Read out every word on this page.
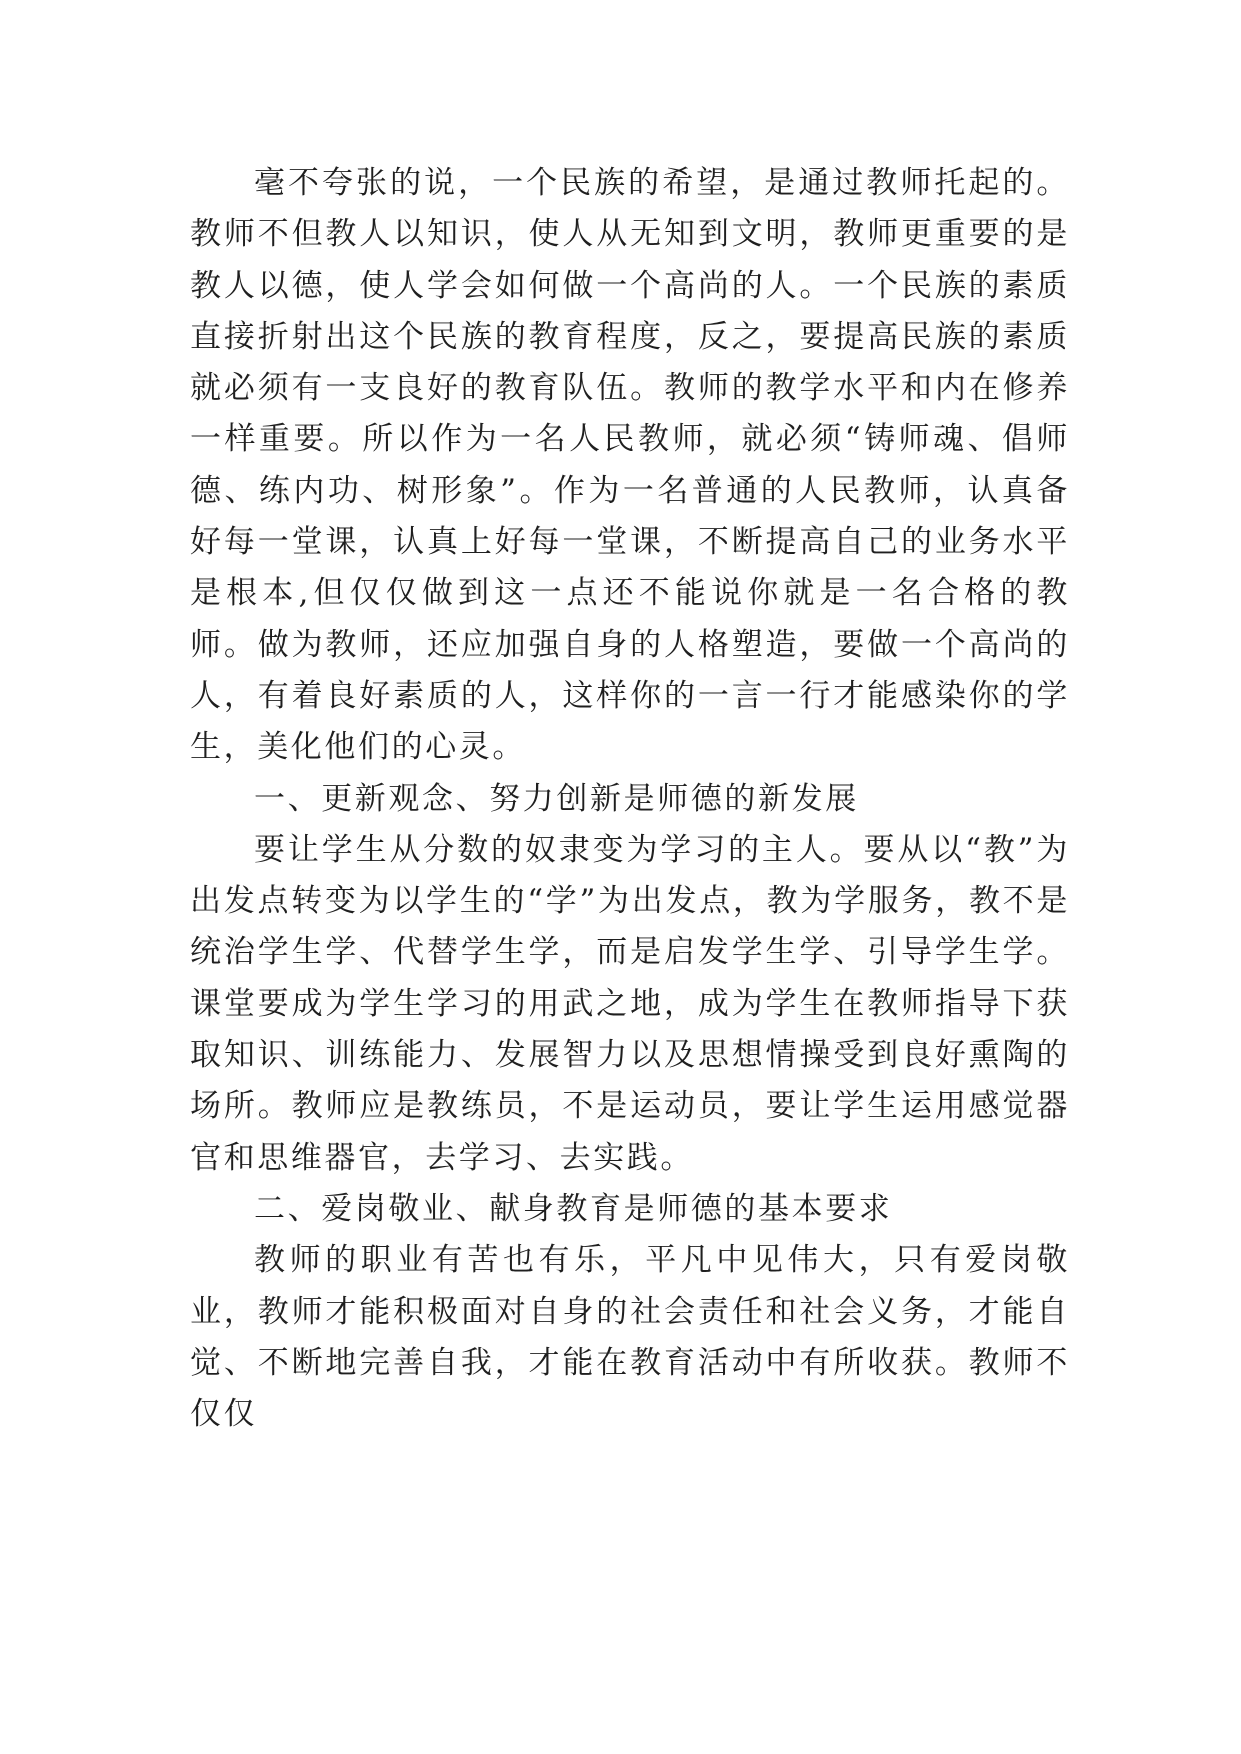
毫不夸张的说，一个民族的希望，是通过教师托起的。教师不但教人以知识，使人从无知到文明，教师更重要的是教人以德，使人学会如何做一个高尚的人。一个民族的素质直接折射出这个民族的教育程度，反之，要提高民族的素质就必须有一支良好的教育队伍。教师的教学水平和内在修养一样重要。所以作为一名人民教师，就必须“铸师魂、倡师德、练内功、树形象”。作为一名普通的人民教师，认真备好每一堂课，认真上好每一堂课，不断提高自己的业务水平是根本,但仅仅做到这一点还不能说你就是一名合格的教师。做为教师，还应加强自身的人格塑造，要做一个高尚的人，有着良好素质的人，这样你的一言一行才能感染你的学生，美化他们的心灵。

一、更新观念、努力创新是师德的新发展

要让学生从分数的奴隶变为学习的主人。要从以“教”为出发点转变为以学生的“学”为出发点，教为学服务，教不是统治学生学、代替学生学，而是启发学生学、引导学生学。课堂要成为学生学习的用武之地，成为学生在教师指导下获取知识、训练能力、发展智力以及思想情操受到良好熏陶的场所。教师应是教练员，不是运动员，要让学生运用感觉器官和思维器官，去学习、去实践。

二、爱岗敬业、献身教育是师德的基本要求

教师的职业有苦也有乐，平凡中见伟大，只有爱岗敬业，教师才能积极面对自身的社会责任和社会义务，才能自觉、不断地完善自我，才能在教育活动中有所收获。教师不仅仅
